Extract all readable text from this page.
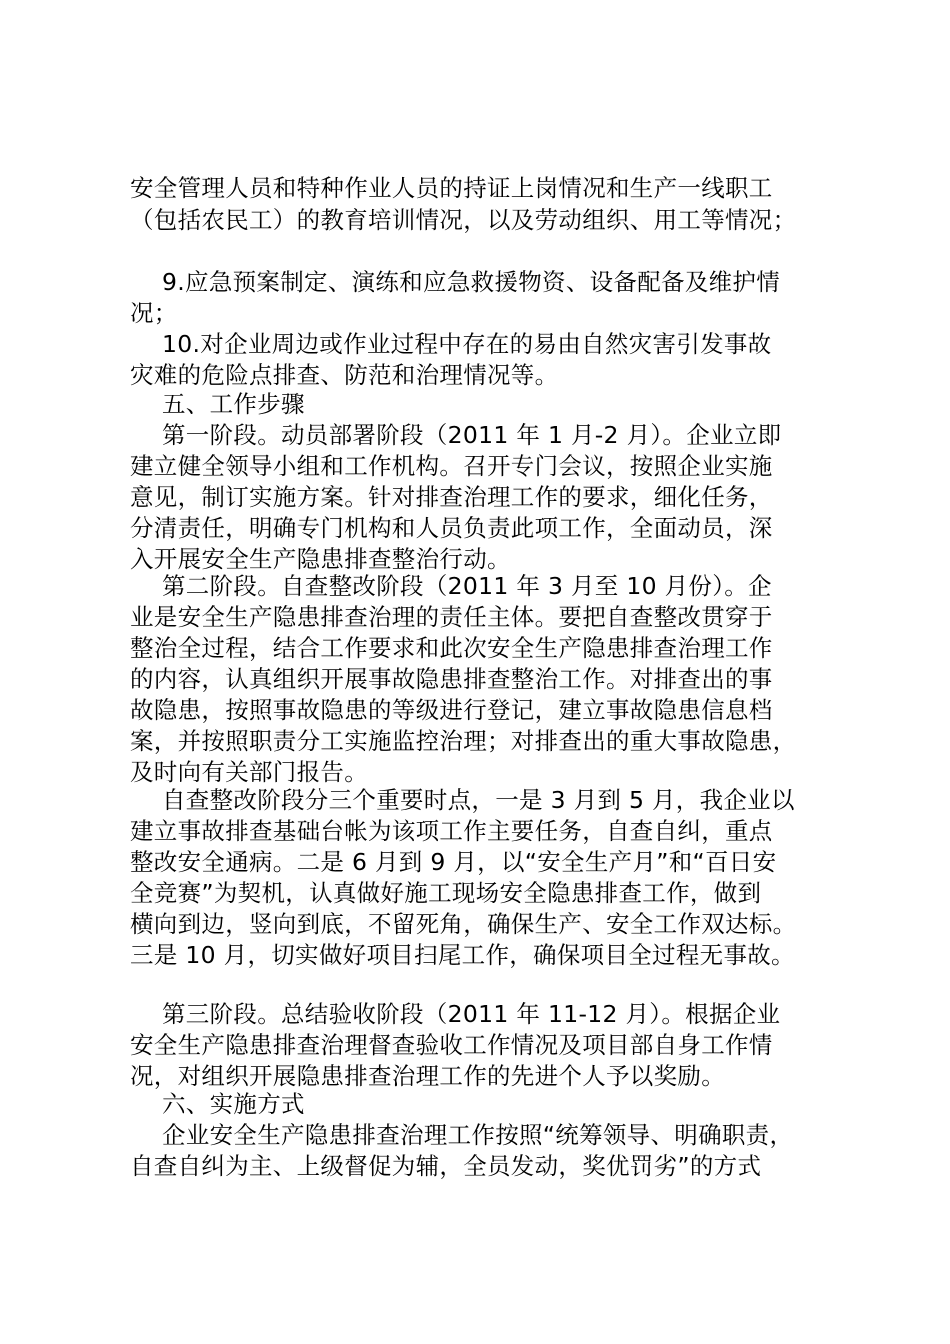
安全管理人员和特种作业人员的持证上岗情况和生产一线职工
（包括农民工）的教育培训情况，以及劳动组织、用工等情况；
9.应急预案制定、演练和应急救援物资、设备配备及维护情
况；
10.对企业周边或作业过程中存在的易由自然灾害引发事故
灾难的危险点排查、防范和治理情况等。
五、工作步骤
第一阶段。动员部署阶段（2011 年 1 月-2 月）。企业立即
建立健全领导小组和工作机构。召开专门会议，按照企业实施
意见，制订实施方案。针对排查治理工作的要求，细化任务，
分清责任，明确专门机构和人员负责此项工作，全面动员，深
入开展安全生产隐患排查整治行动。
第二阶段。自查整改阶段（2011 年 3 月至 10 月份）。企
业是安全生产隐患排查治理的责任主体。要把自查整改贯穿于
整治全过程，结合工作要求和此次安全生产隐患排查治理工作
的内容，认真组织开展事故隐患排查整治工作。对排查出的事
故隐患，按照事故隐患的等级进行登记，建立事故隐患信息档
案，并按照职责分工实施监控治理；对排查出的重大事故隐患，
及时向有关部门报告。
自查整改阶段分三个重要时点，一是 3 月到 5 月，我企业以
建立事故排查基础台帐为该项工作主要任务，自查自纠，重点
整改安全通病。二是 6 月到 9 月，以“安全生产月”和“百日安
全竞赛”为契机，认真做好施工现场安全隐患排查工作，做到
横向到边，竖向到底，不留死角，确保生产、安全工作双达标。
三是 10 月，切实做好项目扫尾工作，确保项目全过程无事故。
第三阶段。总结验收阶段（2011 年 11-12 月）。根据企业
安全生产隐患排查治理督查验收工作情况及项目部自身工作情
况，对组织开展隐患排查治理工作的先进个人予以奖励。
六、实施方式
企业安全生产隐患排查治理工作按照“统筹领导、明确职责，
自查自纠为主、上级督促为辅，全员发动，奖优罚劣”的方式
